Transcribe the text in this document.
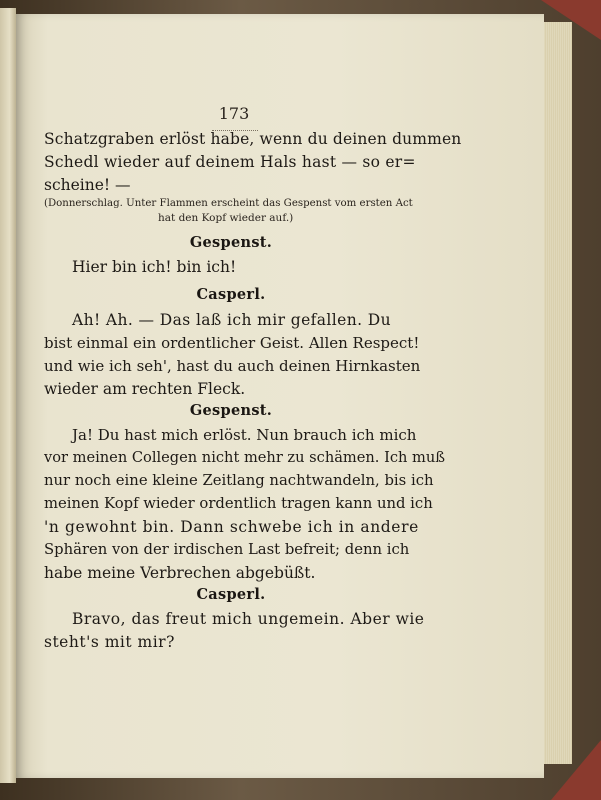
173
Schatzgraben erlöst habe, wenn du deinen dummen
Schedl wieder auf deinem Hals hast — so er=
scheine! —
(Donnerschlag. Unter Flammen erscheint das Gespenst vom ersten Act
hat den Kopf wieder auf.)
Gespenst.
Hier bin ich! bin ich!
Casperl.
Ah! Ah. — Das laß ich mir gefallen. Du
bist einmal ein ordentlicher Geist. Allen Respect!
und wie ich seh', hast du auch deinen Hirnkasten
wieder am rechten Fleck.
Gespenst.
Ja! Du hast mich erlöst. Nun brauch ich mich
vor meinen Collegen nicht mehr zu schämen. Ich muß
nur noch eine kleine Zeitlang nachtwandeln, bis ich
meinen Kopf wieder ordentlich tragen kann und ich
'n gewohnt bin. Dann schwebe ich in andere
Sphären von der irdischen Last befreit; denn ich
habe meine Verbrechen abgebüßt.
Casperl.
Bravo, das freut mich ungemein. Aber wie
steht's mit mir?
